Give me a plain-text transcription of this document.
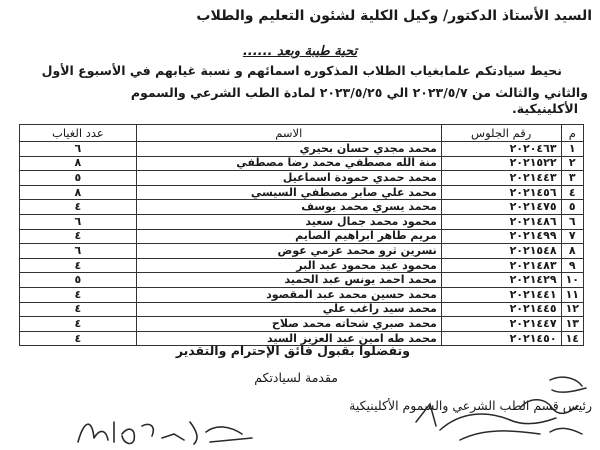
السيد الأستاذ الدكتور/ وكيل الكلية لشئون التعليم والطلاب
تحية طيبة وبعد ......
نحيط سيادتكم علمابغياب الطلاب المذكوره اسمائهم و نسبة غيابهم في الأسبوع الأول
والثاني والثالث من ٢٠٢٣/٥/٧ الي ٢٠٢٣/٥/٢٥ لمادة الطب الشرعي والسموم
الأكلينيكية.
م	رقم الجلوس	الاسم	عدد الغياب
١	٢٠٢٠٤٦٣	محمد مجدي حسان بحيري	٦
٢	٢٠٢١٥٢٢	منة الله مصطفي محمد رضا مصطفي	٨
٣	٢٠٢١٤٤٣	محمد حمدي حمودة اسماعيل	٥
٤	٢٠٢١٤٥٦	محمد علي صابر مصطفي السيسي	٨
٥	٢٠٢١٤٧٥	محمد يسري محمد يوسف	٤
٦	٢٠٢١٤٨٦	محمود محمد جمال سعيد	٦
٧	٢٠٢١٤٩٩	مريم طاهر ابراهيم الصايم	٤
٨	٢٠٢١٥٤٨	نسرين ثرو محمد عزمي عوض	٦
٩	٢٠٢١٤٨٣	محمود عيد محمود عبد البر	٤
١٠	٢٠٢١٤٢٩	محمد احمد يونس عبد الحميد	٥
١١	٢٠٢١٤٤١	محمد حسين محمد عبد المقصود	٤
١٢	٢٠٢١٤٤٥	محمد سيد راغب علي	٤
١٣	٢٠٢١٤٤٧	محمد صبري شحاته محمد صلاح	٤
١٤	٢٠٢١٤٥٠	محمد طه امين عبد العزيز السيد	٤
وتفضلوا بقبول فائق الإحترام والتقدير
مقدمة لسيادتكم
رئيس قسم الطب الشرعي والسموم الأكلينيكية
